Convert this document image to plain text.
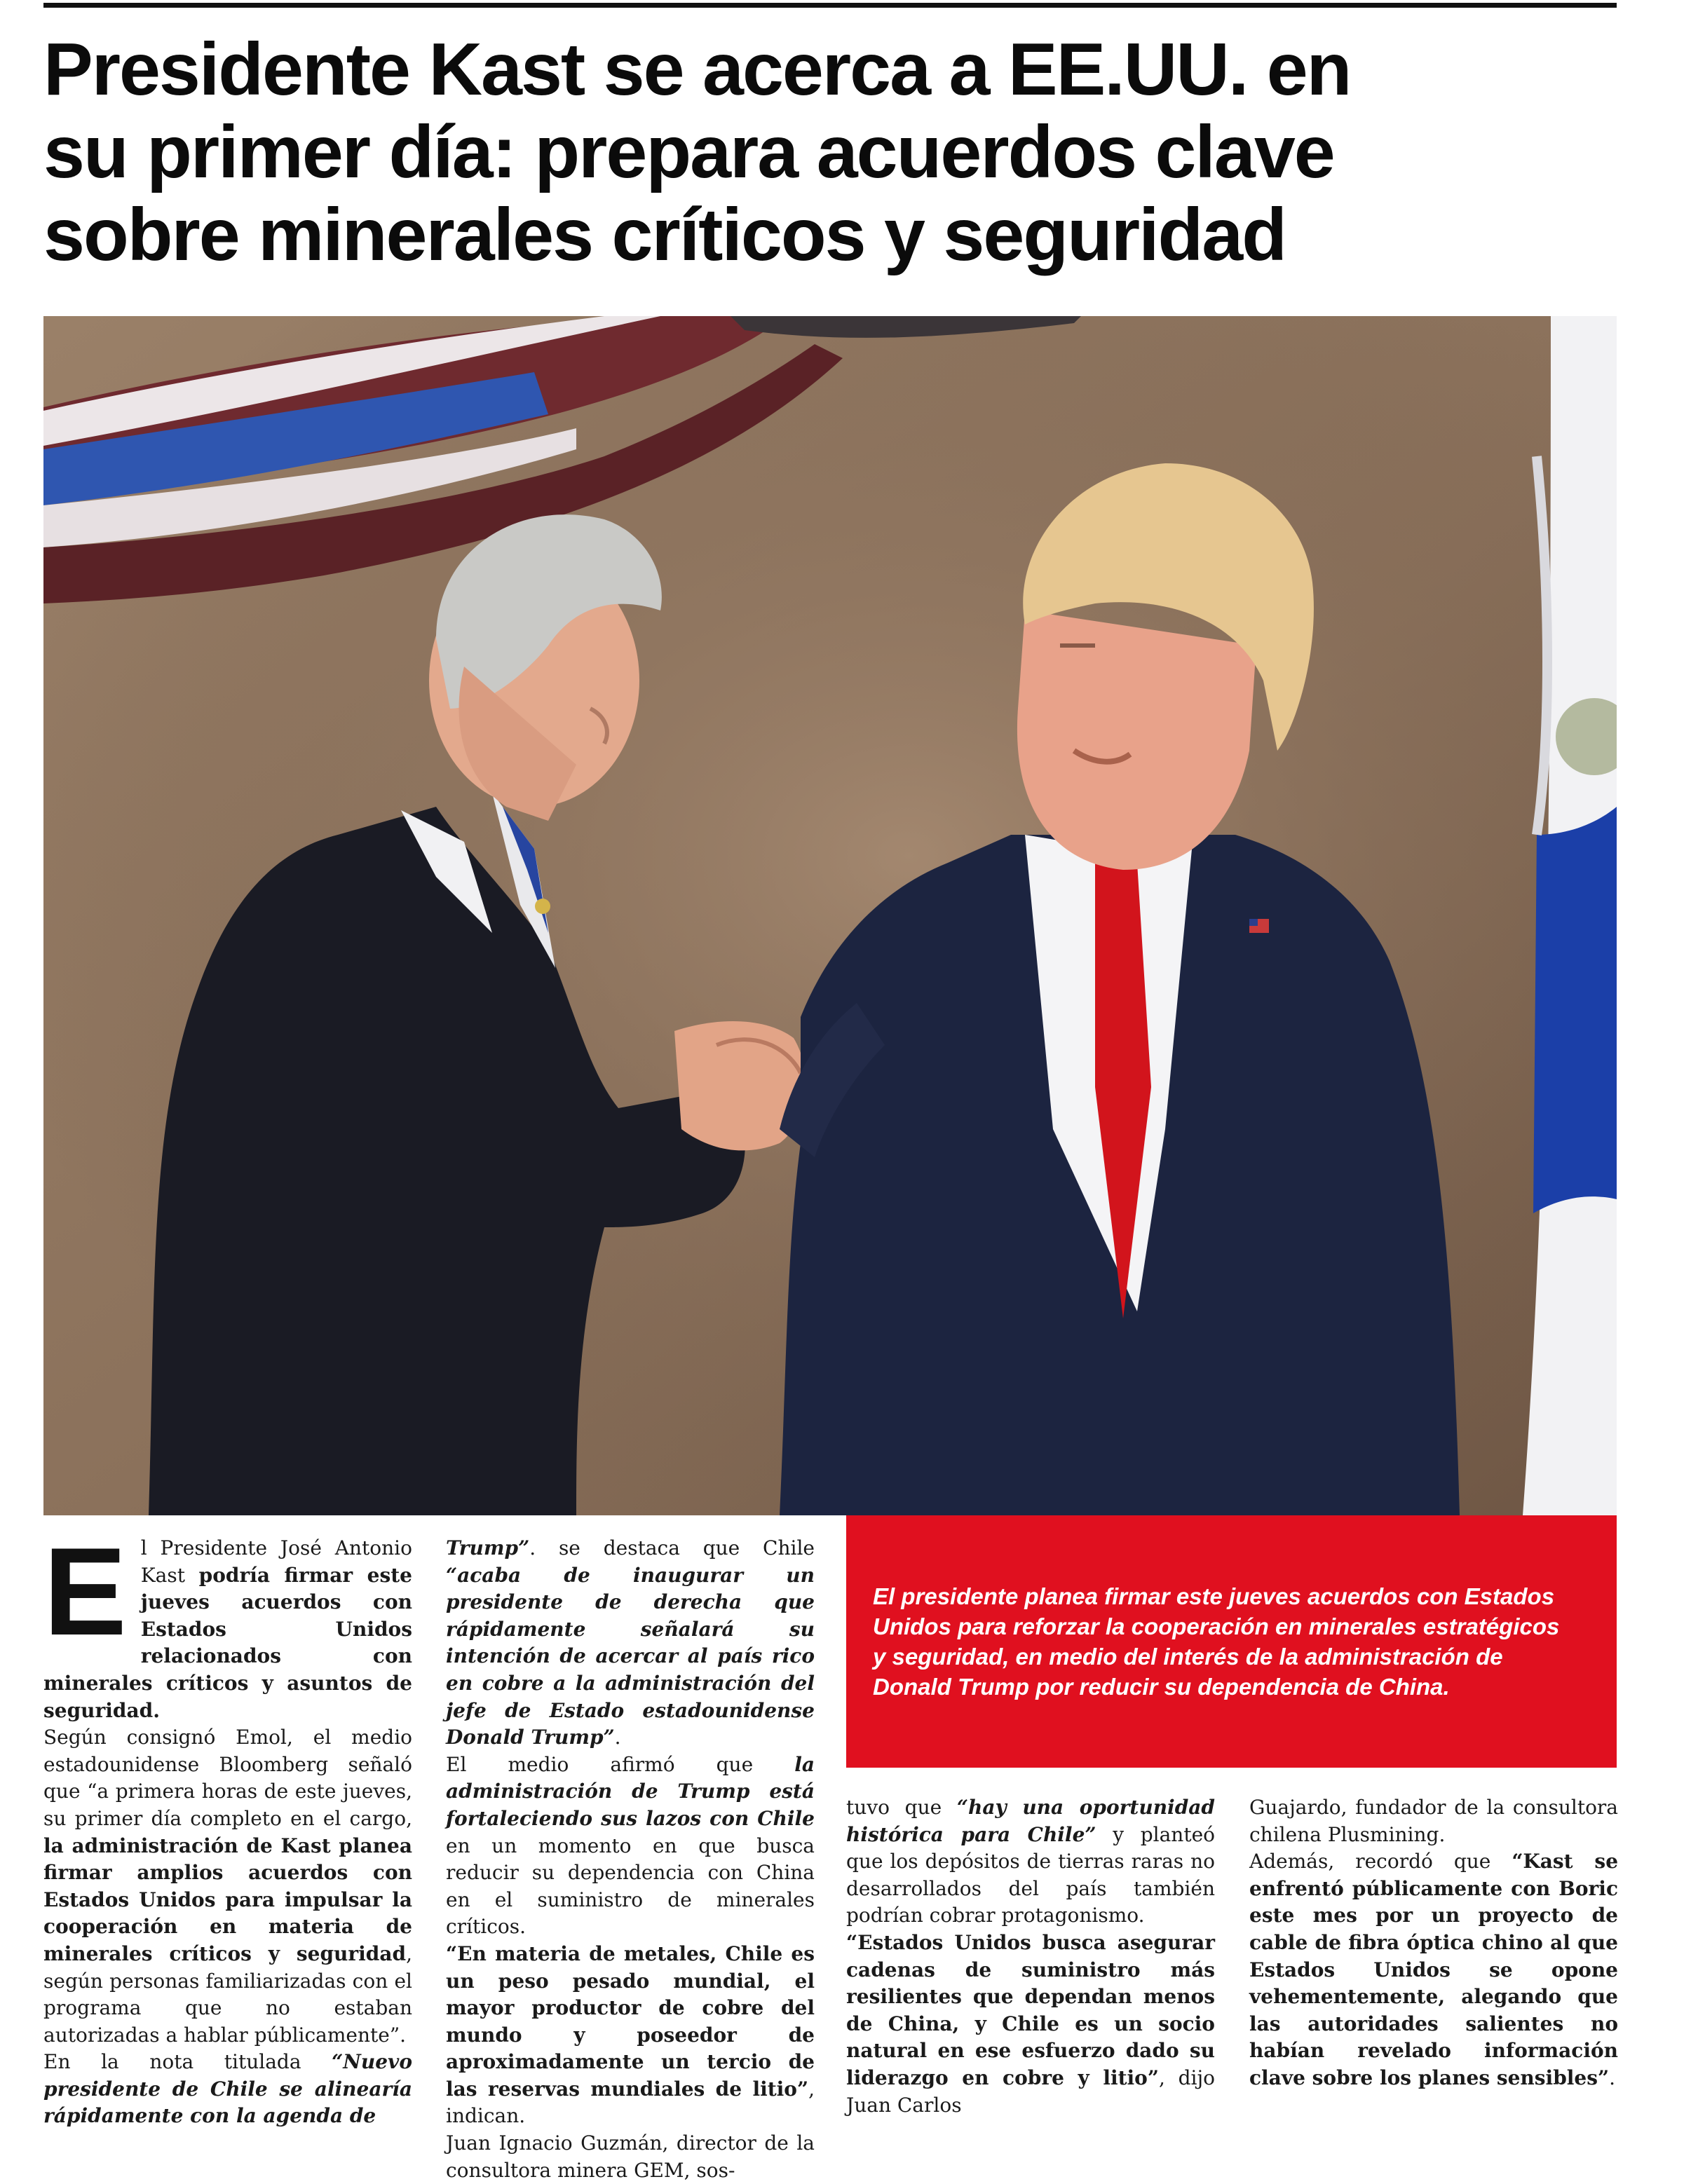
Presidente Kast se acerca a EE.UU. en
su primer día: prepara acuerdos clave
sobre minerales críticos y seguridad
E l Presidente José Antonio Kast podría firmar este jueves acuerdos con Estados Unidos relacionados con minerales críticos y asuntos de seguridad.

Según consignó Emol, el medio estadounidense Bloomberg señaló que “a primera horas de este jueves, su primer día completo en el cargo, la administración de Kast planea firmar amplios acuerdos con Estados Unidos para impulsar la cooperación en materia de minerales críticos y seguridad, según personas familiarizadas con el programa que no estaban autorizadas a hablar públicamente”.

En la nota titulada “Nuevo presidente de Chile se alinearía rápidamente con la agenda de

Trump”. se destaca que Chile “acaba de inaugurar un presidente de derecha que rápidamente señalará su intención de acercar al país rico en cobre a la administración del jefe de Estado estadounidense Donald Trump”.

El medio afirmó que la administración de Trump está fortaleciendo sus lazos con Chile en un momento en que busca reducir su dependencia con China en el suministro de minerales críticos.

“En materia de metales, Chile es un peso pesado mundial, el mayor productor de cobre del mundo y poseedor de aproximadamente un tercio de las reservas mundiales de litio”, indican.

Juan Ignacio Guzmán, director de la consultora minera GEM, sos-

El presidente planea firmar este jueves acuerdos con Estados Unidos para reforzar la cooperación en minerales estratégicos y seguridad, en medio del interés de la administración de Donald Trump por reducir su dependencia de China.

tuvo que “hay una oportunidad histórica para Chile” y planteó que los depósitos de tierras raras no desarrollados del país también podrían cobrar protagonismo.

“Estados Unidos busca asegurar cadenas de suministro más resilientes que dependan menos de China, y Chile es un socio natural en ese esfuerzo dado su liderazgo en cobre y litio”, dijo Juan Carlos

Guajardo, fundador de la consultora chilena Plusmining.

Además, recordó que “Kast se enfrentó públicamente con Boric este mes por un proyecto de cable de fibra óptica chino al que Estados Unidos se opone vehementemente, alegando que las autoridades salientes no habían revelado información clave sobre los planes sensibles”.
